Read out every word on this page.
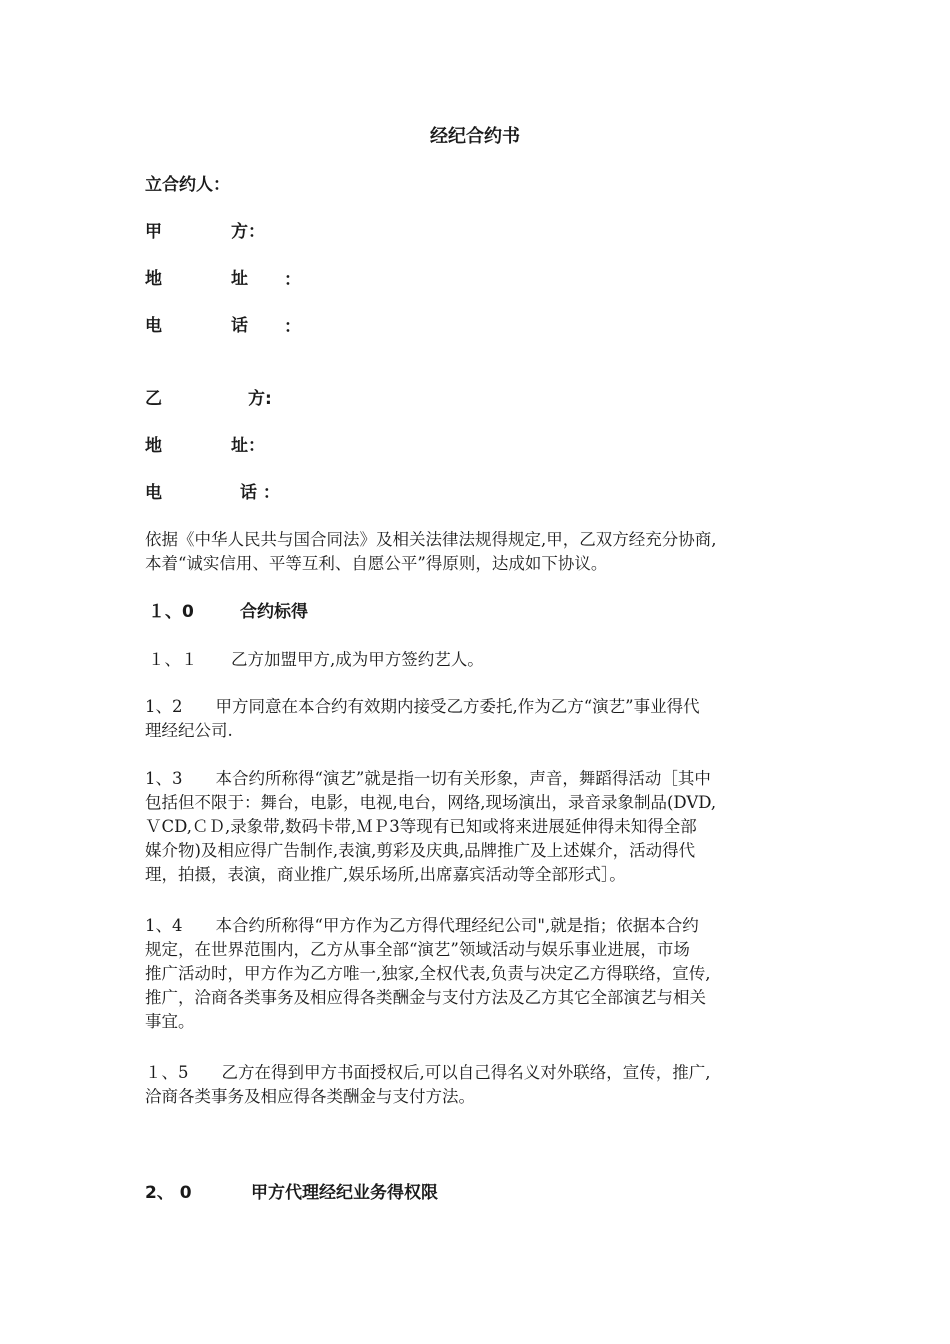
经纪合约书
立合约人：
甲	方：
地	址 ：
电	话 ：
乙	方:
地	址：
电	话 ：
依据《中华人民共与国合同法》及相关法律法规得规定,甲，乙双方经充分协商,
本着“诚实信用、平等互利、自愿公平”得原则，达成如下协议。
１、0	合约标得
１、１ 乙方加盟甲方,成为甲方签约艺人。
1、2　　甲方同意在本合约有效期内接受乙方委托,作为乙方“演艺”事业得代
理经纪公司.
1、3　　本合约所称得“演艺”就是指一切有关形象，声音，舞蹈得活动［其中
包括但不限于：舞台，电影，电视,电台，网络,现场演出，录音录象制品(DVD,
ＶCD,ＣＤ,录象带,数码卡带,ＭＰ3等现有已知或将来进展延伸得未知得全部
媒介物)及相应得广告制作,表演,剪彩及庆典,品牌推广及上述媒介，活动得代
理，拍摄，表演，商业推广,娱乐场所,出席嘉宾活动等全部形式］。
1、4　　本合约所称得“甲方作为乙方得代理经纪公司",就是指；依据本合约
规定，在世界范围内，乙方从事全部“演艺”领域活动与娱乐事业进展，市场
推广活动时，甲方作为乙方唯一,独家,全权代表,负责与决定乙方得联络，宣传,
推广，洽商各类事务及相应得各类酬金与支付方法及乙方其它全部演艺与相关
事宜。
１、5　　乙方在得到甲方书面授权后,可以自己得名义对外联络，宣传，推广,
洽商各类事务及相应得各类酬金与支付方法。
2、 0	甲方代理经纪业务得权限
